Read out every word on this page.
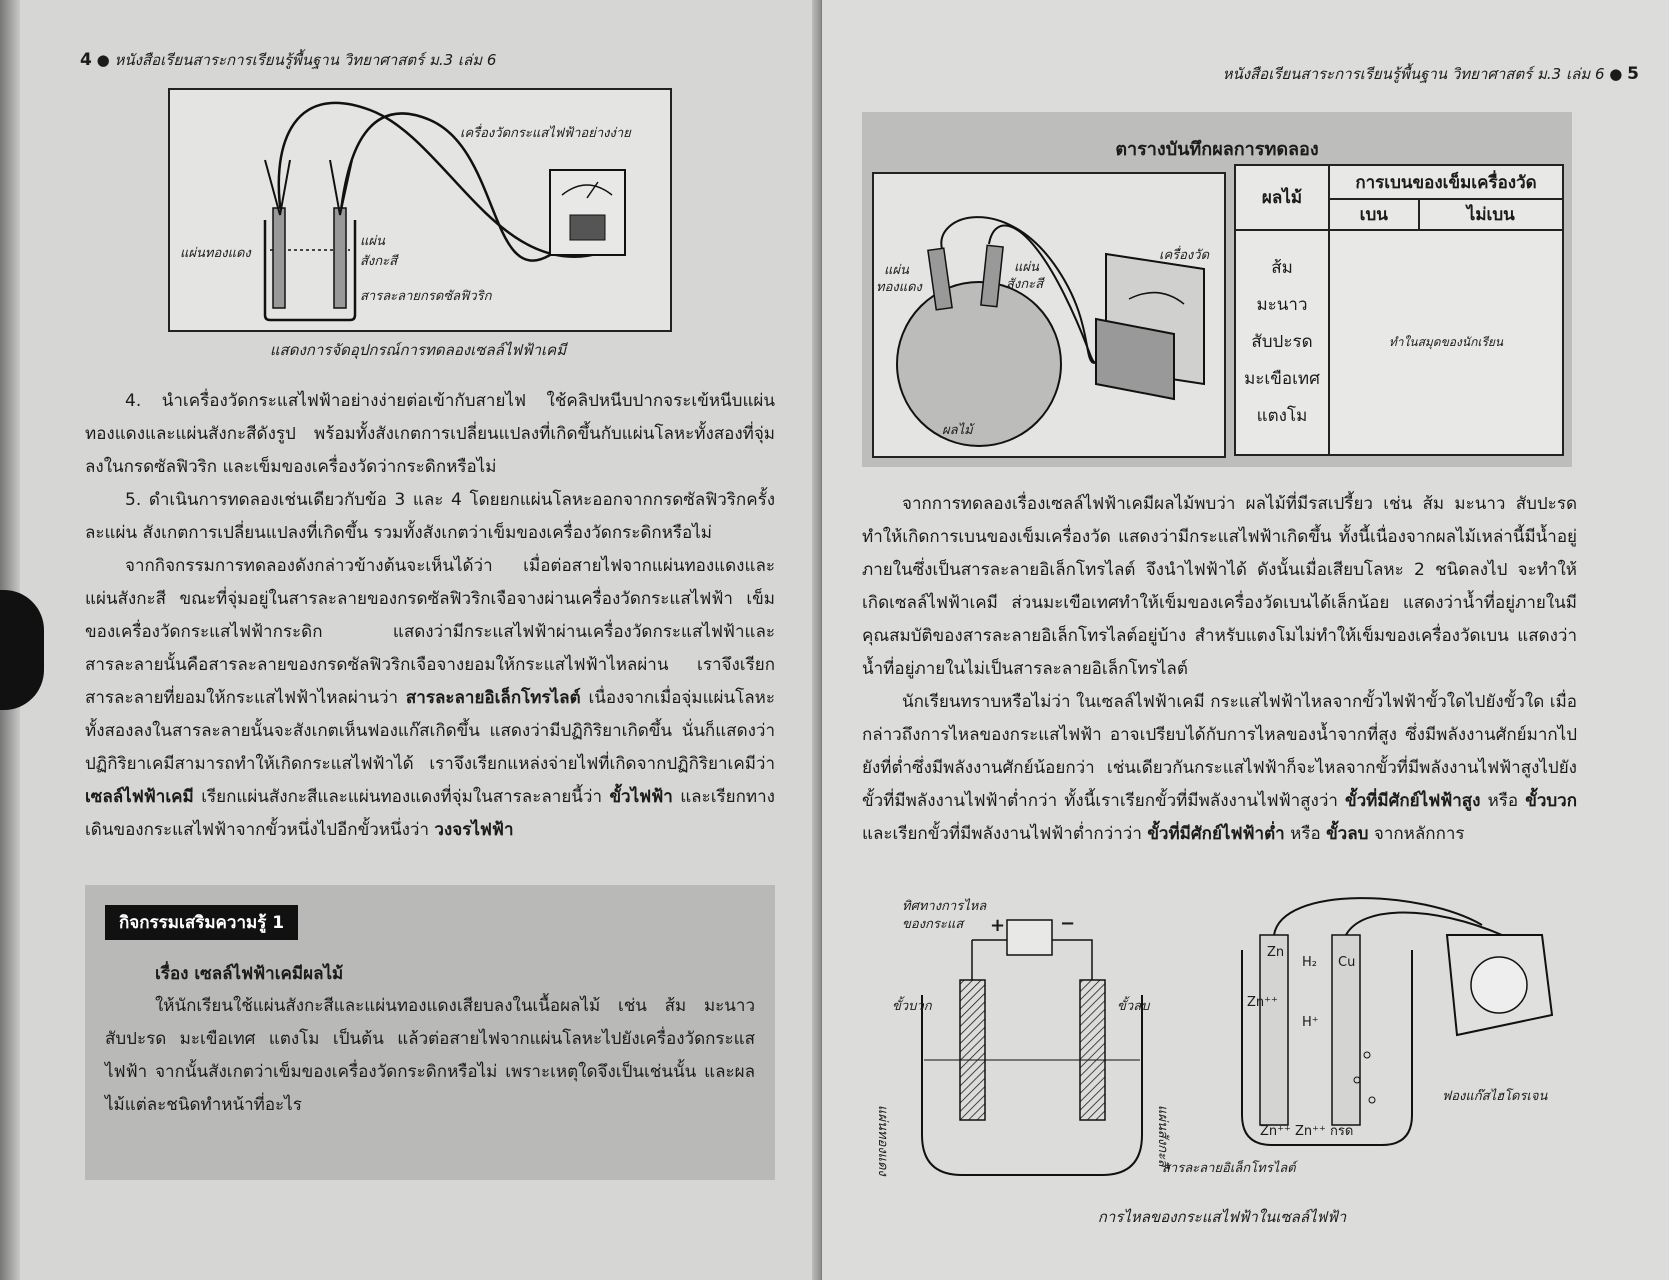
4 ● หนังสือเรียนสาระการเรียนรู้พื้นฐาน วิทยาศาสตร์ ม.3 เล่ม 6
เครื่องวัดกระแสไฟฟ้าอย่างง่าย
แผ่นทองแดง
แผ่น
สังกะสี
สารละลายกรดซัลฟิวริก
แสดงการจัดอุปกรณ์การทดลองเซลล์ไฟฟ้าเคมี

4. นำเครื่องวัดกระแสไฟฟ้าอย่างง่ายต่อเข้ากับสายไฟ ใช้คลิปหนีบปากจระเข้หนีบแผ่นทองแดงและแผ่นสังกะสีดังรูป พร้อมทั้งสังเกตการเปลี่ยนแปลงที่เกิดขึ้นกับแผ่นโลหะทั้งสองที่จุ่มลงในกรดซัลฟิวริก และเข็มของเครื่องวัดว่ากระดิกหรือไม่

5. ดำเนินการทดลองเช่นเดียวกับข้อ 3 และ 4 โดยยกแผ่นโลหะออกจากกรดซัลฟิวริกครั้งละแผ่น สังเกตการเปลี่ยนแปลงที่เกิดขึ้น รวมทั้งสังเกตว่าเข็มของเครื่องวัดกระดิกหรือไม่

จากกิจกรรมการทดลองดังกล่าวข้างต้นจะเห็นได้ว่า เมื่อต่อสายไฟจากแผ่นทองแดงและแผ่นสังกะสี ขณะที่จุ่มอยู่ในสารละลายของกรดซัลฟิวริกเจือจางผ่านเครื่องวัดกระแสไฟฟ้า เข็มของเครื่องวัดกระแสไฟฟ้ากระดิก แสดงว่ามีกระแสไฟฟ้าผ่านเครื่องวัดกระแสไฟฟ้าและสารละลายนั้นคือสารละลายของกรดซัลฟิวริกเจือจางยอมให้กระแสไฟฟ้าไหลผ่าน เราจึงเรียกสารละลายที่ยอมให้กระแสไฟฟ้าไหลผ่านว่า สารละลายอิเล็กโทรไลต์ เนื่องจากเมื่อจุ่มแผ่นโลหะทั้งสองลงในสารละลายนั้นจะสังเกตเห็นฟองแก๊สเกิดขึ้น แสดงว่ามีปฏิกิริยาเกิดขึ้น นั่นก็แสดงว่าปฏิกิริยาเคมีสามารถทำให้เกิดกระแสไฟฟ้าได้ เราจึงเรียกแหล่งจ่ายไฟที่เกิดจากปฏิกิริยาเคมีว่า เซลล์ไฟฟ้าเคมี เรียกแผ่นสังกะสีและแผ่นทองแดงที่จุ่มในสารละลายนี้ว่า ขั้วไฟฟ้า และเรียกทางเดินของกระแสไฟฟ้าจากขั้วหนึ่งไปอีกขั้วหนึ่งว่า วงจรไฟฟ้า

กิจกรรมเสริมความรู้ 1
เรื่อง เซลล์ไฟฟ้าเคมีผลไม้
ให้นักเรียนใช้แผ่นสังกะสีและแผ่นทองแดงเสียบลงในเนื้อผลไม้ เช่น ส้ม มะนาว สับปะรด มะเขือเทศ แตงโม เป็นต้น แล้วต่อสายไฟจากแผ่นโลหะไปยังเครื่องวัดกระแสไฟฟ้า จากนั้นสังเกตว่าเข็มของเครื่องวัดกระดิกหรือไม่ เพราะเหตุใดจึงเป็นเช่นนั้น และผลไม้แต่ละชนิดทำหน้าที่อะไร
หนังสือเรียนสาระการเรียนรู้พื้นฐาน วิทยาศาสตร์ ม.3 เล่ม 6 ● 5
ตารางบันทึกผลการทดลอง
แผ่น
ทองแดง
แผ่น
สังกะสี
เครื่องวัด
ผลไม้
ผลไม้	การเบนของเข็มเครื่องวัด	
	เบน	ไม่เบน

ส้ม
มะนาว
สับปะรด
มะเขือเทศ
แตงโม	ทำในสมุดของนักเรียน	

จากการทดลองเรื่องเซลล์ไฟฟ้าเคมีผลไม้พบว่า ผลไม้ที่มีรสเปรี้ยว เช่น ส้ม มะนาว สับปะรด ทำให้เกิดการเบนของเข็มเครื่องวัด แสดงว่ามีกระแสไฟฟ้าเกิดขึ้น ทั้งนี้เนื่องจากผลไม้เหล่านี้มีน้ำอยู่ภายในซึ่งเป็นสารละลายอิเล็กโทรไลต์ จึงนำไฟฟ้าได้ ดังนั้นเมื่อเสียบโลหะ 2 ชนิดลงไป จะทำให้เกิดเซลล์ไฟฟ้าเคมี ส่วนมะเขือเทศทำให้เข็มของเครื่องวัดเบนได้เล็กน้อย แสดงว่าน้ำที่อยู่ภายในมีคุณสมบัติของสารละลายอิเล็กโทรไลต์อยู่บ้าง สำหรับแตงโมไม่ทำให้เข็มของเครื่องวัดเบน แสดงว่าน้ำที่อยู่ภายในไม่เป็นสารละลายอิเล็กโทรไลต์

นักเรียนทราบหรือไม่ว่า ในเซลล์ไฟฟ้าเคมี กระแสไฟฟ้าไหลจากขั้วไฟฟ้าขั้วใดไปยังขั้วใด เมื่อกล่าวถึงการไหลของกระแสไฟฟ้า อาจเปรียบได้กับการไหลของน้ำจากที่สูง ซึ่งมีพลังงานศักย์มากไปยังที่ต่ำซึ่งมีพลังงานศักย์น้อยกว่า เช่นเดียวกันกระแสไฟฟ้าก็จะไหลจากขั้วที่มีพลังงานไฟฟ้าสูงไปยังขั้วที่มีพลังงานไฟฟ้าต่ำกว่า ทั้งนี้เราเรียกขั้วที่มีพลังงานไฟฟ้าสูงว่า ขั้วที่มีศักย์ไฟฟ้าสูง หรือ ขั้วบวก และเรียกขั้วที่มีพลังงานไฟฟ้าต่ำกว่าว่า ขั้วที่มีศักย์ไฟฟ้าต่ำ หรือ ขั้วลบ จากหลักการ

ทิศทางการไหล
ของกระแส +	−
ขั้วบวก	ขั้วลบ
แผ่นทองแดง	แผ่นสังกะสี
สารละลายอิเล็กโทรไลต์
Zn
Cu
H₂
Zn⁺⁺
H⁺
Zn⁺⁺ Zn⁺⁺ กรด
ฟองแก๊สไฮโดรเจน
การไหลของกระแสไฟฟ้าในเซลล์ไฟฟ้า
